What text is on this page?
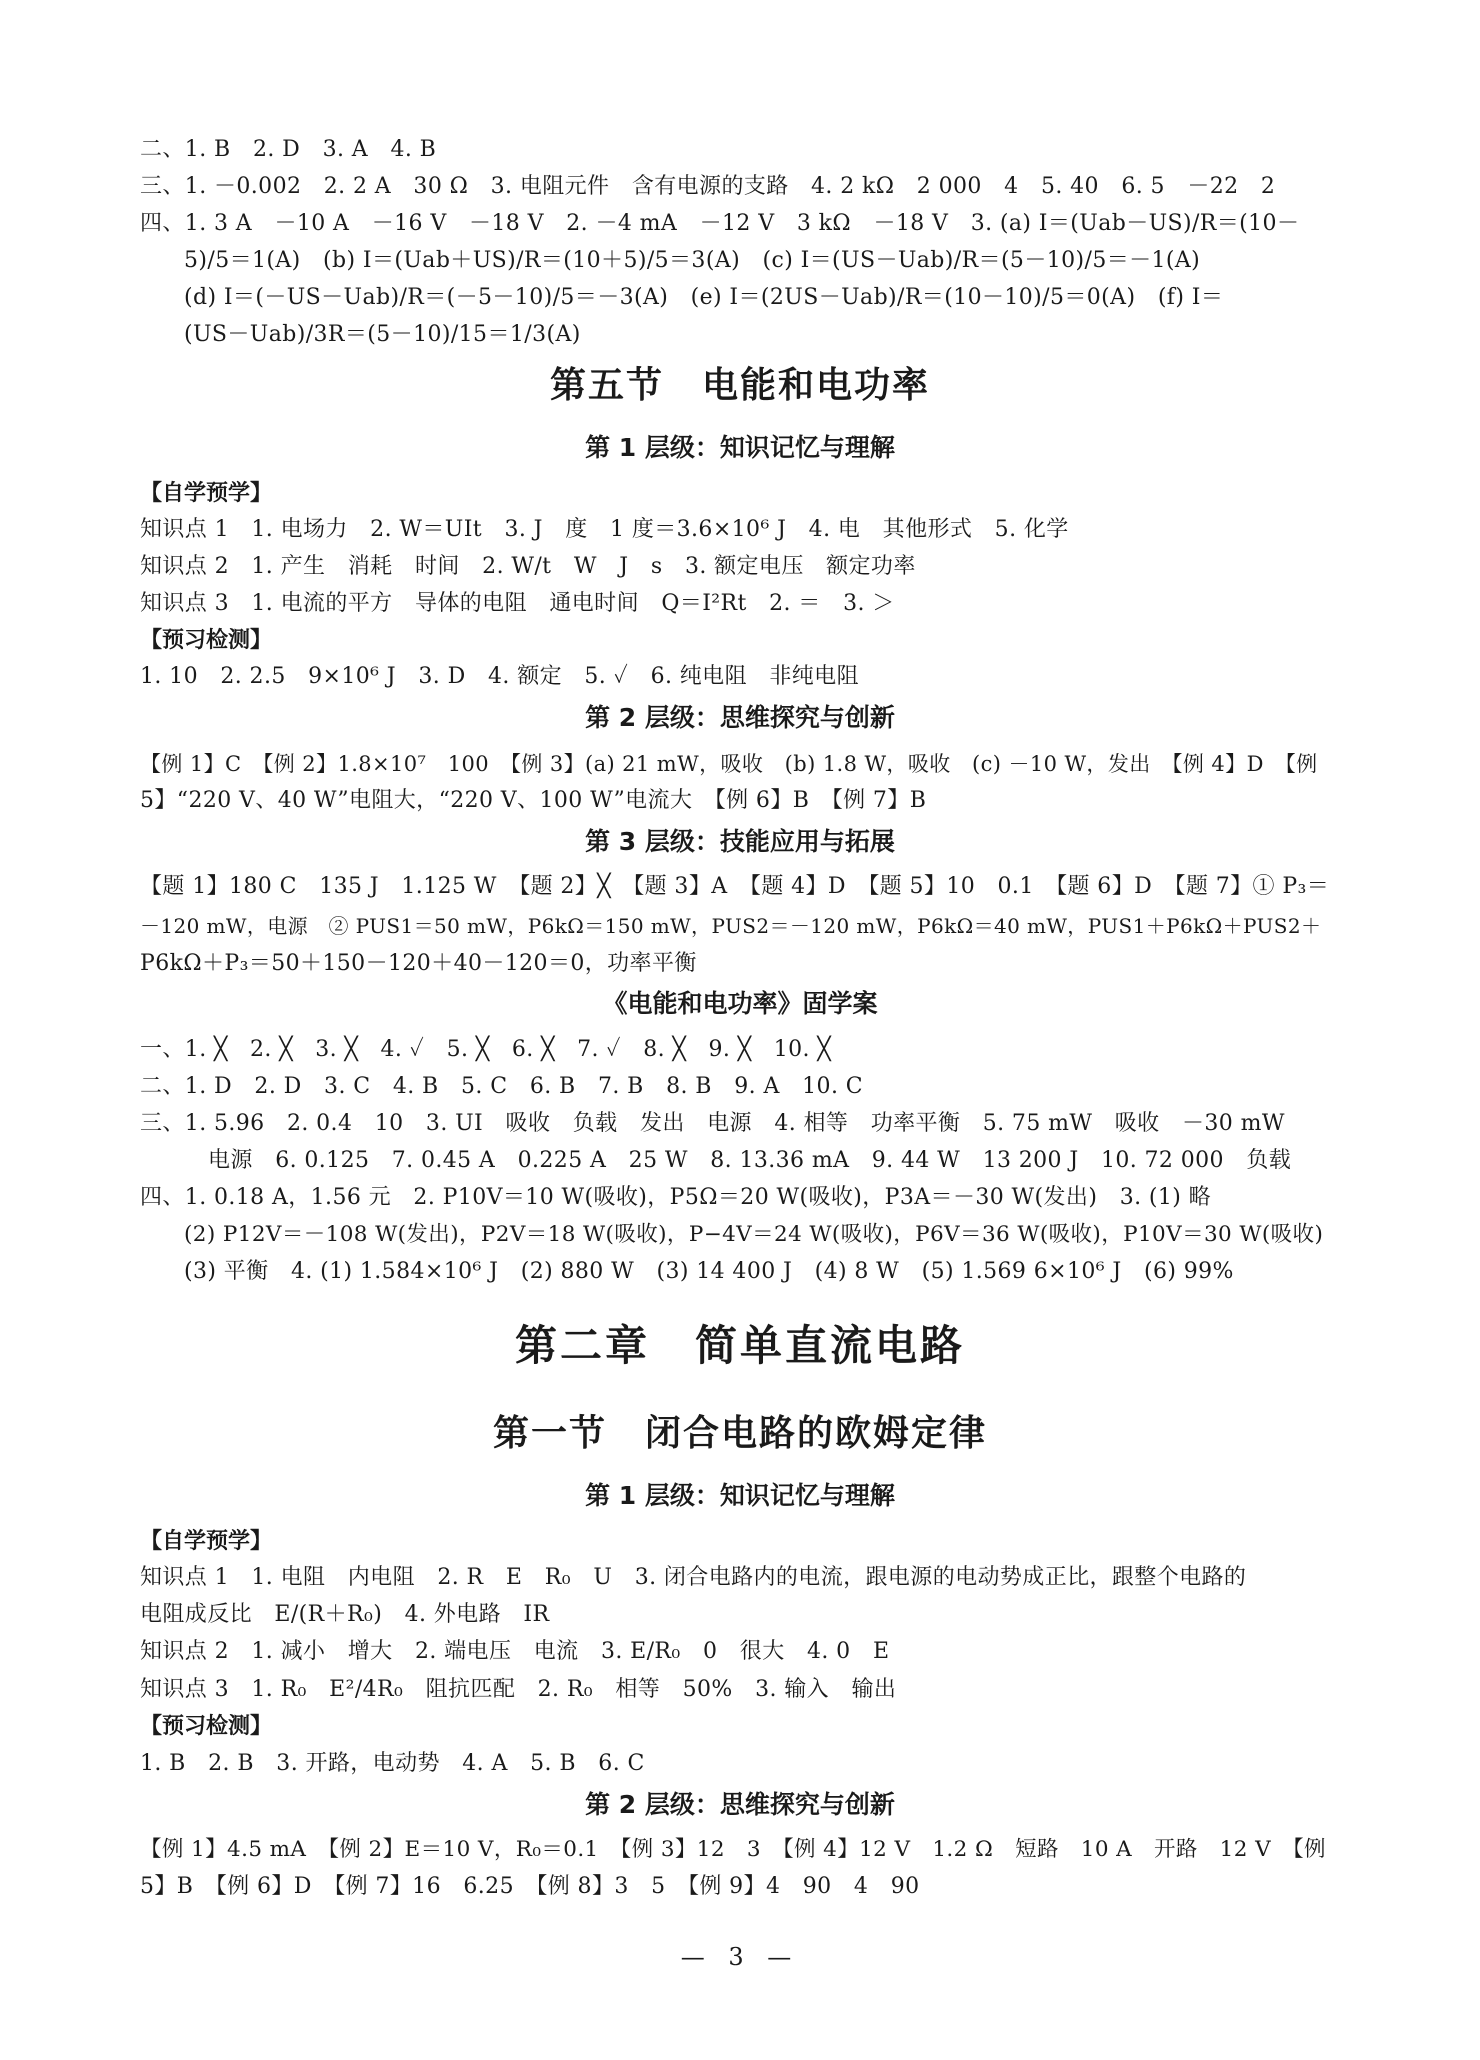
二、1. B　2. D　3. A　4. B
三、1. －0.002　2. 2 A　30 Ω　3. 电阻元件　含有电源的支路　4. 2 kΩ　2 000　4　5. 40　6. 5　－22　2
四、1. 3 A　－10 A　－16 V　－18 V　2. －4 mA　－12 V　3 kΩ　－18 V　3. (a) I＝(Uab－US)/R＝(10－
5)/5＝1(A)　(b) I＝(Uab＋US)/R＝(10＋5)/5＝3(A)　(c) I＝(US－Uab)/R＝(5－10)/5＝－1(A)
(d) I＝(－US－Uab)/R＝(－5－10)/5＝－3(A)　(e) I＝(2US－Uab)/R＝(10－10)/5＝0(A)　(f) I＝
(US－Uab)/3R＝(5－10)/15＝1/3(A)
第五节　电能和电功率
第 1 层级：知识记忆与理解
【自学预学】
知识点 1　1. 电场力　2. W＝UIt　3. J　度　1 度＝3.6×10⁶ J　4. 电　其他形式　5. 化学
知识点 2　1. 产生　消耗　时间　2. W/t　W　J　s　3. 额定电压　额定功率
知识点 3　1. 电流的平方　导体的电阻　通电时间　Q＝I²Rt　2. ＝　3. ＞
【预习检测】
1. 10　2. 2.5　9×10⁶ J　3. D　4. 额定　5. ✓　6. 纯电阻　非纯电阻
第 2 层级：思维探究与创新
【例 1】C　【例 2】1.8×10⁷　100　【例 3】(a) 21 mW，吸收　(b) 1.8 W，吸收　(c) －10 W，发出　【例 4】D　【例
5】“220 V、40 W”电阻大，“220 V、100 W”电流大　【例 6】B　【例 7】B
第 3 层级：技能应用与拓展
【题 1】180 C　135 J　1.125 W　【题 2】╳　【题 3】A　【题 4】D　【题 5】10　0.1　【题 6】D　【题 7】① P₃＝
－120 mW，电源　② PUS1＝50 mW，P6kΩ＝150 mW，PUS2＝－120 mW，P6kΩ＝40 mW，PUS1＋P6kΩ＋PUS2＋
P6kΩ＋P₃＝50＋150－120＋40－120＝0，功率平衡
《电能和电功率》固学案
一、1. ╳　2. ╳　3. ╳　4. ✓　5. ╳　6. ╳　7. ✓　8. ╳　9. ╳　10. ╳
二、1. D　2. D　3. C　4. B　5. C　6. B　7. B　8. B　9. A　10. C
三、1. 5.96　2. 0.4　10　3. UI　吸收　负载　发出　电源　4. 相等　功率平衡　5. 75 mW　吸收　－30 mW
电源　6. 0.125　7. 0.45 A　0.225 A　25 W　8. 13.36 mA　9. 44 W　13 200 J　10. 72 000　负载
四、1. 0.18 A，1.56 元　2. P10V＝10 W(吸收)，P5Ω＝20 W(吸收)，P3A＝－30 W(发出)　3. (1) 略
(2) P12V＝－108 W(发出)，P2V＝18 W(吸收)，P−4V＝24 W(吸收)，P6V＝36 W(吸收)，P10V＝30 W(吸收)
(3) 平衡　4. (1) 1.584×10⁶ J　(2) 880 W　(3) 14 400 J　(4) 8 W　(5) 1.569 6×10⁶ J　(6) 99%
第二章　简单直流电路
第一节　闭合电路的欧姆定律
第 1 层级：知识记忆与理解
【自学预学】
知识点 1　1. 电阻　内电阻　2. R　E　R₀　U　3. 闭合电路内的电流，跟电源的电动势成正比，跟整个电路的
电阻成反比　E/(R＋R₀)　4. 外电路　IR
知识点 2　1. 减小　增大　2. 端电压　电流　3. E/R₀　0　很大　4. 0　E
知识点 3　1. R₀　E²/4R₀　阻抗匹配　2. R₀　相等　50%　3. 输入　输出
【预习检测】
1. B　2. B　3. 开路，电动势　4. A　5. B　6. C
第 2 层级：思维探究与创新
【例 1】4.5 mA　【例 2】E＝10 V，R₀＝0.1　【例 3】12　3　【例 4】12 V　1.2 Ω　短路　10 A　开路　12 V　【例
5】B　【例 6】D　【例 7】16　6.25　【例 8】3　5　【例 9】4　90　4　90
— 3 —
